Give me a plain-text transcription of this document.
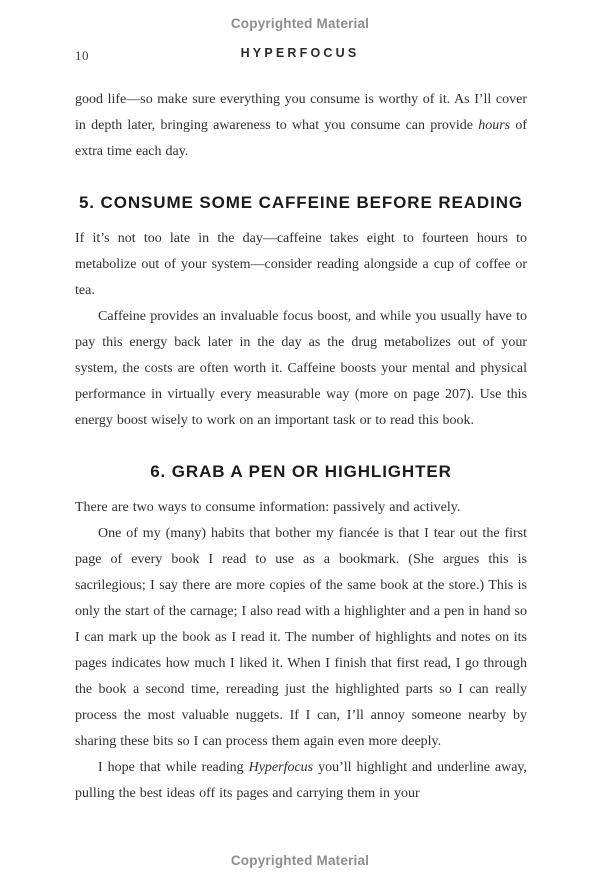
Copyrighted Material
10	HYPERFOCUS

good life—so make sure everything you consume is worthy of it. As I’ll cover in depth later, bringing awareness to what you consume can provide hours of extra time each day.

5. CONSUME SOME CAFFEINE BEFORE READING

If it’s not too late in the day—caffeine takes eight to fourteen hours to metabolize out of your system—consider reading alongside a cup of coffee or tea.

Caffeine provides an invaluable focus boost, and while you usually have to pay this energy back later in the day as the drug metabolizes out of your system, the costs are often worth it. Caffeine boosts your mental and physical performance in virtually every measurable way (more on page 207). Use this energy boost wisely to work on an important task or to read this book.

6. GRAB A PEN OR HIGHLIGHTER

There are two ways to consume information: passively and actively.

One of my (many) habits that bother my fiancée is that I tear out the first page of every book I read to use as a bookmark. (She argues this is sacrilegious; I say there are more copies of the same book at the store.) This is only the start of the carnage; I also read with a highlighter and a pen in hand so I can mark up the book as I read it. The number of highlights and notes on its pages indicates how much I liked it. When I finish that first read, I go through the book a second time, rereading just the highlighted parts so I can really process the most valuable nuggets. If I can, I’ll annoy someone nearby by sharing these bits so I can process them again even more deeply.

I hope that while reading Hyperfocus you’ll highlight and underline away, pulling the best ideas off its pages and carrying them in your

Copyrighted Material
